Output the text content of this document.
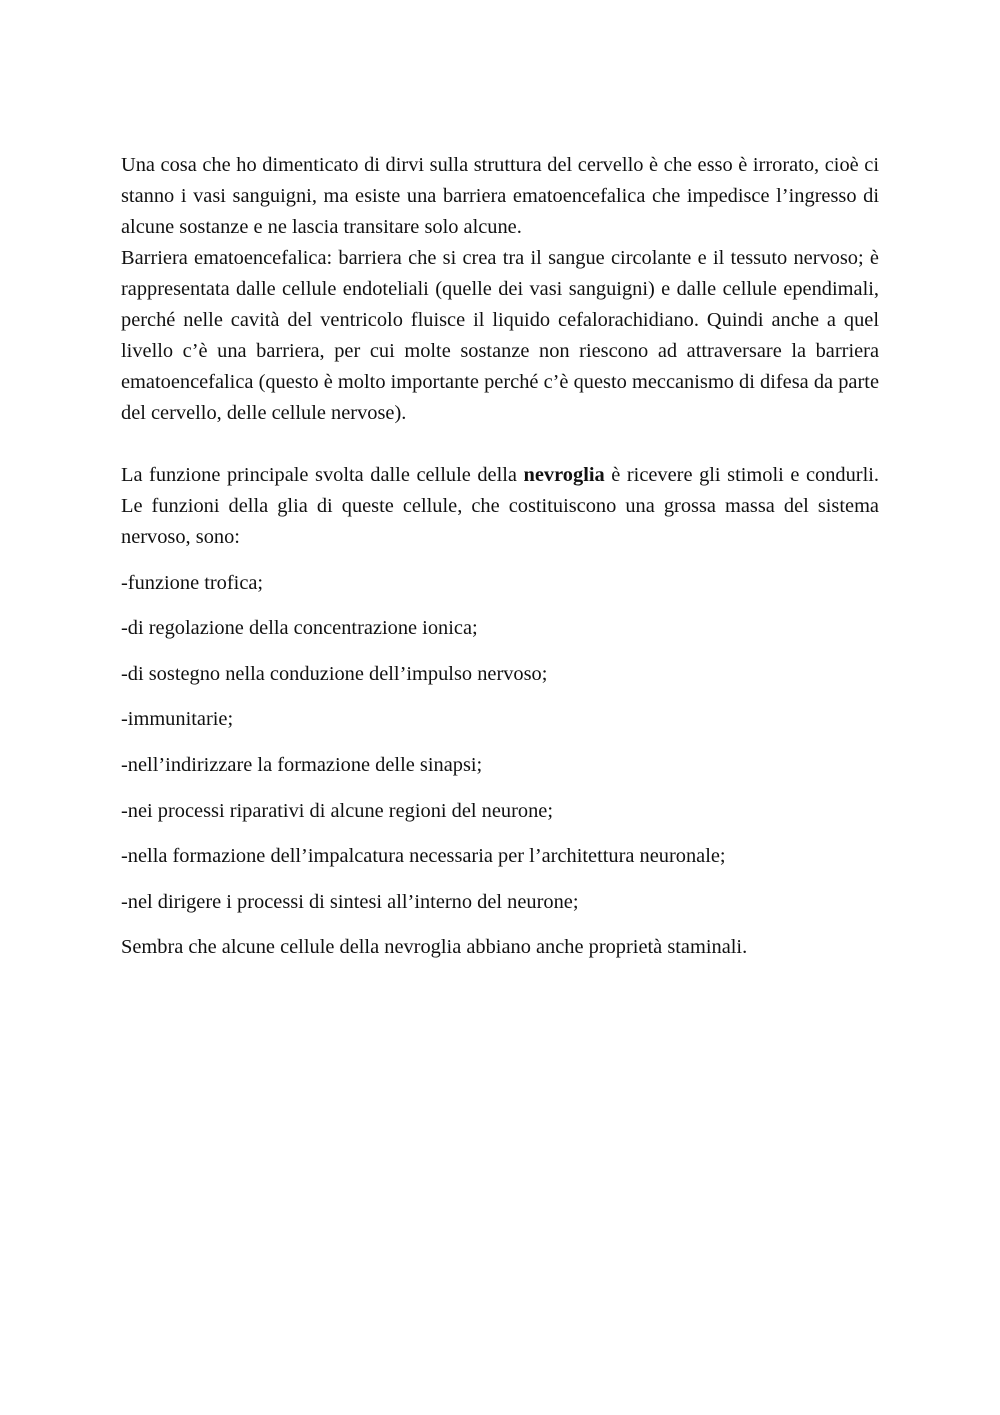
Una cosa che ho dimenticato di dirvi sulla struttura del cervello è che esso è irrorato, cioè ci stanno i vasi sanguigni, ma esiste una barriera ematoencefalica che impedisce l’ingresso di alcune sostanze e ne lascia transitare solo alcune.

Barriera ematoencefalica: barriera che si crea tra il sangue circolante e il tessuto nervoso; è rappresentata dalle cellule endoteliali (quelle dei vasi sanguigni) e dalle cellule ependimali, perché nelle cavità del ventricolo fluisce il liquido cefalorachidiano. Quindi anche a quel livello c’è una barriera, per cui molte sostanze non riescono ad attraversare la barriera ematoencefalica (questo è molto importante perché c’è questo meccanismo di difesa da parte del cervello, delle cellule nervose).

La funzione principale svolta dalle cellule della nevroglia è ricevere gli stimoli e condurli. Le funzioni della glia di queste cellule, che costituiscono una grossa massa del sistema nervoso, sono:

-funzione trofica;
-di regolazione della concentrazione ionica;
-di sostegno nella conduzione dell’impulso nervoso;
-immunitarie;
-nell’indirizzare la formazione delle sinapsi;
-nei processi riparativi di alcune regioni del neurone;
-nella formazione dell’impalcatura necessaria per l’architettura neuronale;
-nel dirigere i processi di sintesi all’interno del neurone;

Sembra che alcune cellule della nevroglia abbiano anche proprietà staminali.
